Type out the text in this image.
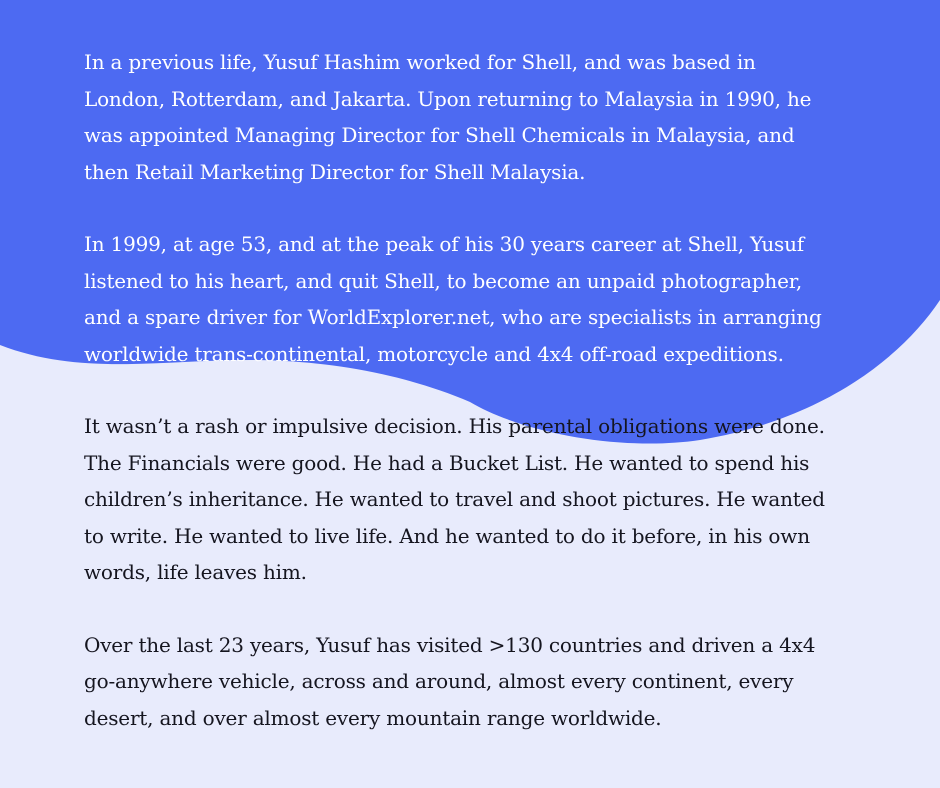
In a previous life, Yusuf Hashim worked for Shell, and was based in
London, Rotterdam, and Jakarta. Upon returning to Malaysia in 1990, he
was appointed Managing Director for Shell Chemicals in Malaysia, and
then Retail Marketing Director for Shell Malaysia.

In 1999, at age 53, and at the peak of his 30 years career at Shell, Yusuf
listened to his heart, and quit Shell, to become an unpaid photographer,
and a spare driver for WorldExplorer.net, who are specialists in arranging
worldwide trans-continental, motorcycle and 4x4 off-road expeditions.

It wasn’t a rash or impulsive decision. His parental obligations were done.
The Financials were good. He had a Bucket List. He wanted to spend his
children’s inheritance. He wanted to travel and shoot pictures. He wanted
to write. He wanted to live life. And he wanted to do it before, in his own
words, life leaves him.

Over the last 23 years, Yusuf has visited >130 countries and driven a 4x4
go-anywhere vehicle, across and around, almost every continent, every
desert, and over almost every mountain range worldwide.
